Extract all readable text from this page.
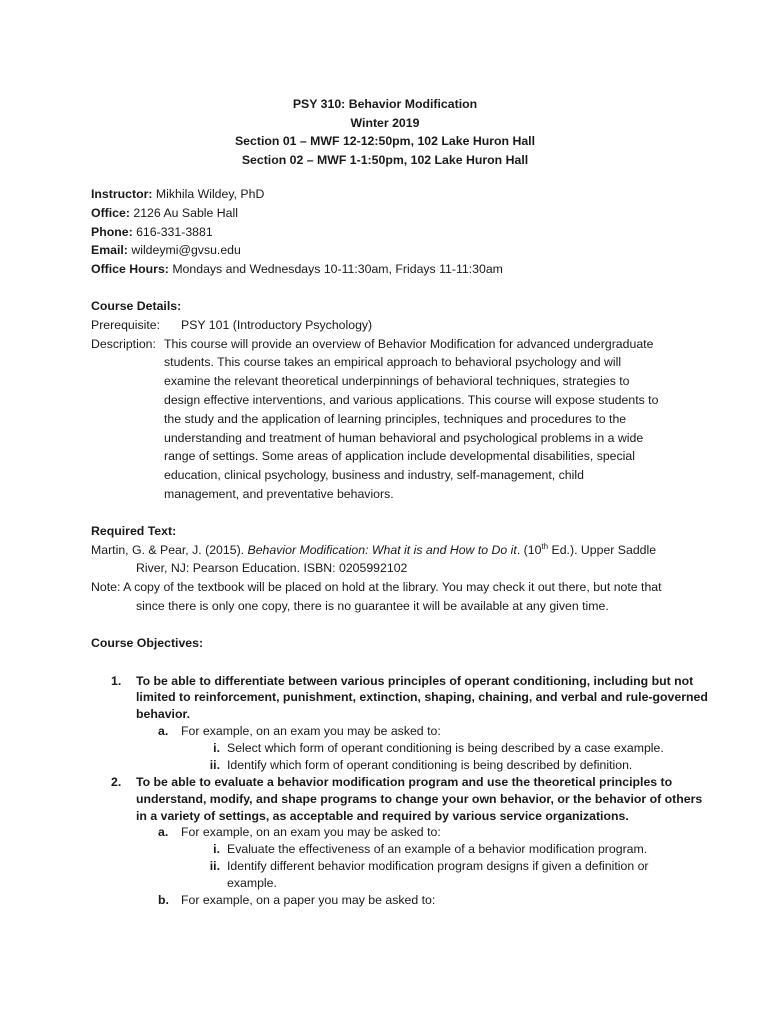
PSY 310: Behavior Modification
Winter 2019
Section 01 – MWF 12-12:50pm, 102 Lake Huron Hall
Section 02 – MWF 1-1:50pm, 102 Lake Huron Hall
Instructor: Mikhila Wildey, PhD
Office: 2126 Au Sable Hall
Phone: 616-331-3881
Email: wildeymi@gvsu.edu
Office Hours: Mondays and Wednesdays 10-11:30am, Fridays 11-11:30am
Course Details:
Prerequisite: PSY 101 (Introductory Psychology)
Description: This course will provide an overview of Behavior Modification for advanced undergraduate
students. This course takes an empirical approach to behavioral psychology and will
examine the relevant theoretical underpinnings of behavioral techniques, strategies to
design effective interventions, and various applications. This course will expose students to
the study and the application of learning principles, techniques and procedures to the
understanding and treatment of human behavioral and psychological problems in a wide
range of settings. Some areas of application include developmental disabilities, special
education, clinical psychology, business and industry, self-management, child
management, and preventative behaviors.
Required Text:
Martin, G. & Pear, J. (2015). Behavior Modification: What it is and How to Do it. (10th Ed.). Upper Saddle
River, NJ: Pearson Education. ISBN: 0205992102
Note: A copy of the textbook will be placed on hold at the library. You may check it out there, but note that
since there is only one copy, there is no guarantee it will be available at any given time.
Course Objectives:
1.	To be able to differentiate between various principles of operant conditioning, including but not
limited to reinforcement, punishment, extinction, shaping, chaining, and verbal and rule-governed
behavior.
a. For example, on an exam you may be asked to:
i. Select which form of operant conditioning is being described by a case example.
ii. Identify which form of operant conditioning is being described by definition.
2.	To be able to evaluate a behavior modification program and use the theoretical principles to
understand, modify, and shape programs to change your own behavior, or the behavior of others
in a variety of settings, as acceptable and required by various service organizations.
a. For example, on an exam you may be asked to:
i. Evaluate the effectiveness of an example of a behavior modification program.
ii. Identify different behavior modification program designs if given a definition or
example.
b. For example, on a paper you may be asked to:
